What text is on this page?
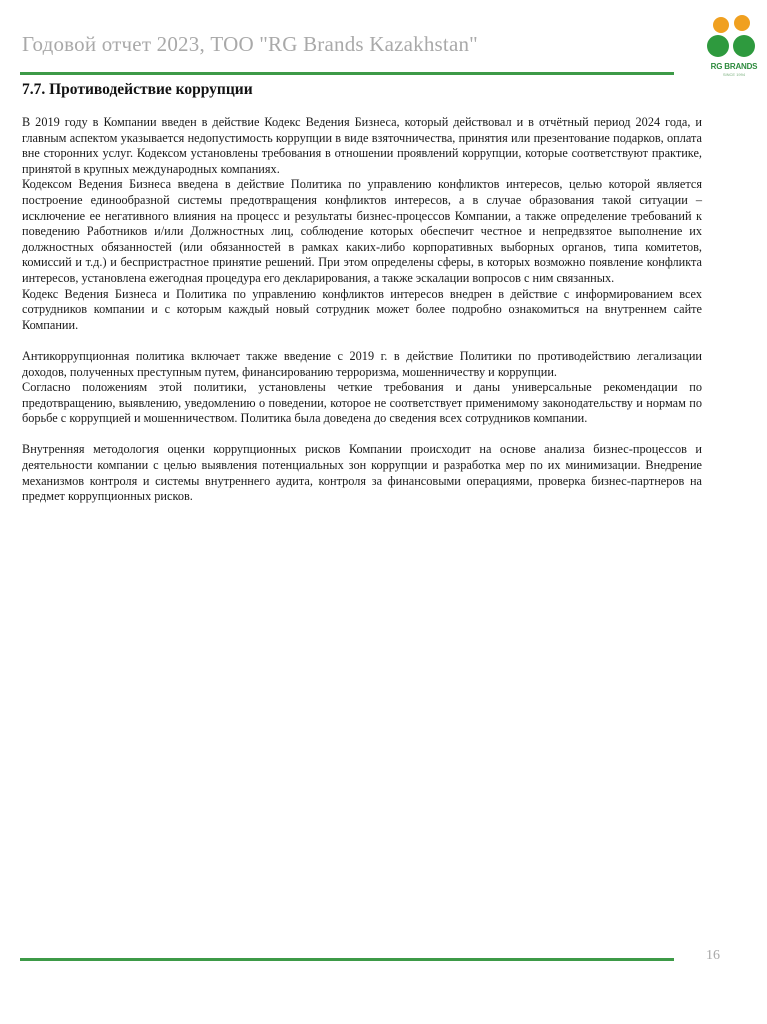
Годовой отчет 2023, ТОО "RG Brands Kazakhstan"
RG BRANDS
SINCE 1994
7.7. Противодействие коррупции

В 2019 году в Компании введен в действие Кодекс Ведения Бизнеса, который действовал и в отчётный период 2024 года, и главным аспектом указывается недопустимость коррупции в виде взяточничества, принятия или презентование подарков, оплата вне сторонних услуг. Кодексом установлены требования в отношении проявлений коррупции, которые соответствуют практике, принятой в крупных международных компаниях.

Кодексом Ведения Бизнеса введена в действие Политика по управлению конфликтов интересов, целью которой является построение единообразной системы предотвращения конфликтов интересов, а в случае образования такой ситуации – исключение ее негативного влияния на процесс и результаты бизнес-процессов Компании, а также определение требований к поведению Работников и/или Должностных лиц, соблюдение которых обеспечит честное и непредвзятое выполнение их должностных обязанностей (или обязанностей в рамках каких-либо корпоративных выборных органов, типа комитетов, комиссий и т.д.) и беспристрастное принятие решений. При этом определены сферы, в которых возможно появление конфликта интересов, установлена ежегодная процедура его декларирования, а также эскалации вопросов с ним связанных.

Кодекс Ведения Бизнеса и Политика по управлению конфликтов интересов внедрен в действие с информированием всех сотрудников компании и с которым каждый новый сотрудник может более подробно ознакомиться на внутреннем сайте Компании.

Антикоррупционная политика включает также введение с 2019 г. в действие Политики по противодействию легализации доходов, полученных преступным путем, финансированию терроризма, мошенничеству и коррупции.

Согласно положениям этой политики, установлены четкие требования и даны универсальные рекомендации по предотвращению, выявлению, уведомлению о поведении, которое не соответствует применимому законодательству и нормам по борьбе с коррупцией и мошенничеством. Политика была доведена до сведения всех сотрудников компании.

Внутренняя методология оценки коррупционных рисков Компании происходит на основе анализа бизнес-процессов и деятельности компании с целью выявления потенциальных зон коррупции и разработка мер по их минимизации. Внедрение механизмов контроля и системы внутреннего аудита, контроля за финансовыми операциями, проверка бизнес-партнеров на предмет коррупционных рисков.

16
